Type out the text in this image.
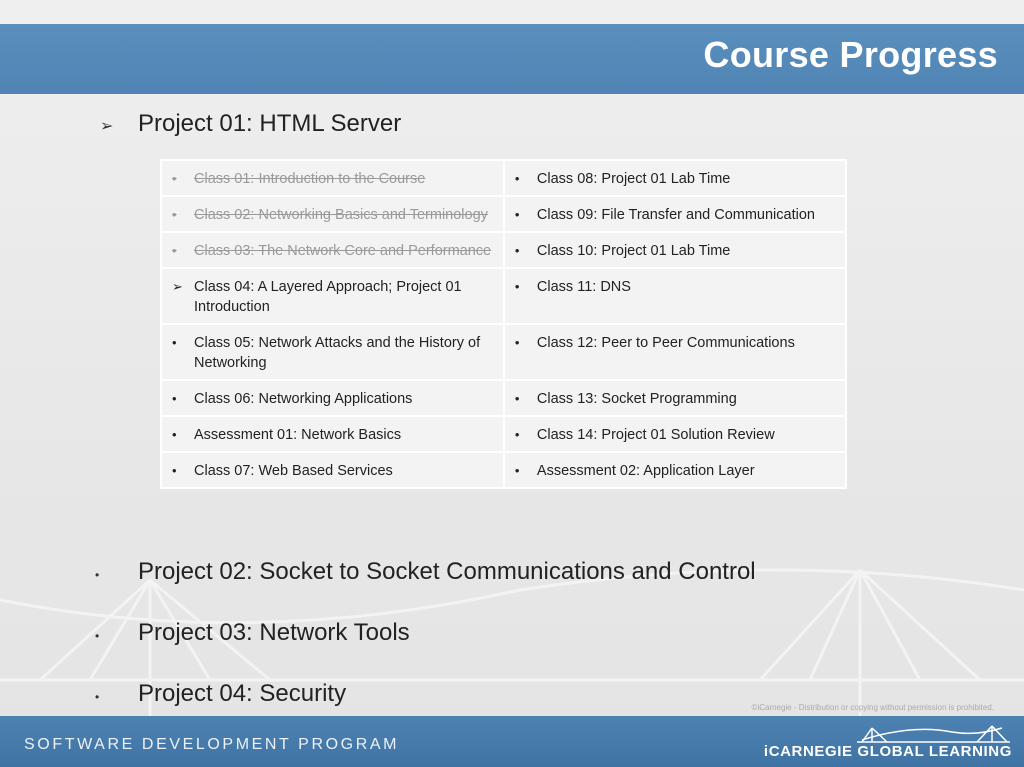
Course Progress
➢	Project 01: HTML Server
• Class 01: Introduction to the Course	• Class 08: Project 01 Lab Time

• Class 02: Networking Basics and Terminology	• Class 09: File Transfer and Communication

• Class 03: The Network Core and Performance	• Class 10: Project 01 Lab Time

➢ Class 04: A Layered Approach; Project 01 Introduction	• Class 11: DNS

• Class 05: Network Attacks and the History of Networking	• Class 12: Peer to Peer Communications

• Class 06: Networking Applications	• Class 13: Socket Programming

• Assessment 01: Network Basics	• Class 14: Project 01 Solution Review

• Class 07: Web Based Services	• Assessment 02: Application Layer
•	Project 02: Socket to Socket Communications and Control
•	Project 03: Network Tools
•	Project 04: Security
©iCarnegie - Distribution or copying without permission is prohibited.
SOFTWARE DEVELOPMENT PROGRAM	iCARNEGIE GLOBAL LEARNING
